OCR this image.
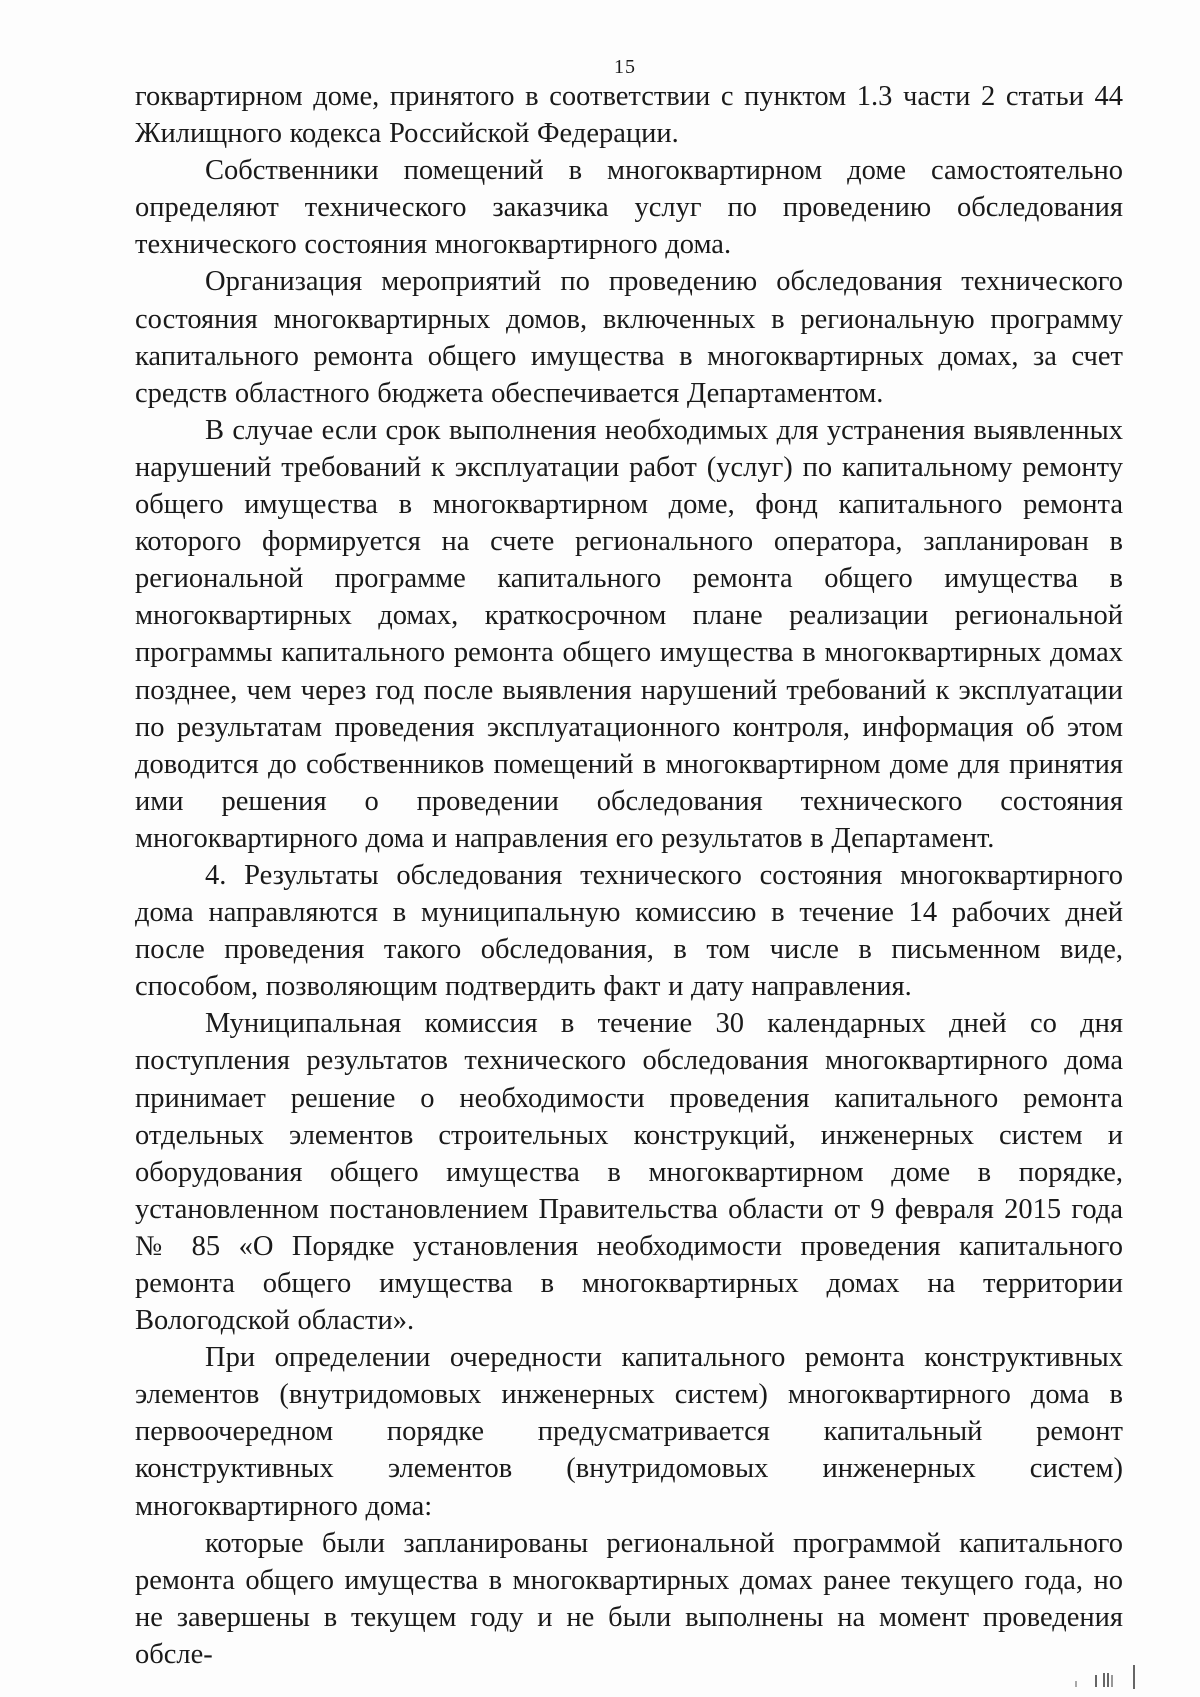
15

гоквартирном доме, принятого в соответствии с пунктом 1.3 части 2 статьи 44 Жилищного кодекса Российской Федерации.

Собственники помещений в многоквартирном доме самостоятельно определяют технического заказчика услуг по проведению обследования технического состояния многоквартирного дома.

Организация мероприятий по проведению обследования технического состояния многоквартирных домов, включенных в региональную программу капитального ремонта общего имущества в многоквартирных домах, за счет средств областного бюджета обеспечивается Департаментом.

В случае если срок выполнения необходимых для устранения выявленных нарушений требований к эксплуатации работ (услуг) по капитальному ремонту общего имущества в многоквартирном доме, фонд капитального ремонта которого формируется на счете регионального оператора, запланирован в региональной программе капитального ремонта общего имущества в многоквартирных домах, краткосрочном плане реализации региональной программы капитального ремонта общего имущества в многоквартирных домах позднее, чем через год после выявления нарушений требований к эксплуатации по результатам проведения эксплуатационного контроля, информация об этом доводится до собственников помещений в многоквартирном доме для принятия ими решения о проведении обследования технического состояния многоквартирного дома и направления его результатов в Департамент.

4. Результаты обследования технического состояния многоквартирного дома направляются в муниципальную комиссию в течение 14 рабочих дней после проведения такого обследования, в том числе в письменном виде, способом, позволяющим подтвердить факт и дату направления.

Муниципальная комиссия в течение 30 календарных дней со дня поступления результатов технического обследования многоквартирного дома принимает решение о необходимости проведения капитального ремонта отдельных элементов строительных конструкций, инженерных систем и оборудования общего имущества в многоквартирном доме в порядке, установленном постановлением Правительства области от 9 февраля 2015 года № 85 «О Порядке установления необходимости проведения капитального ремонта общего имущества в многоквартирных домах на территории Вологодской области».

При определении очередности капитального ремонта конструктивных элементов (внутридомовых инженерных систем) многоквартирного дома в первоочередном порядке предусматривается капитальный ремонт конструктивных элементов (внутридомовых инженерных систем) многоквартирного дома:

которые были запланированы региональной программой капитального ремонта общего имущества в многоквартирных домах ранее текущего года, но не завершены в текущем году и не были выполнены на момент проведения обсле-
